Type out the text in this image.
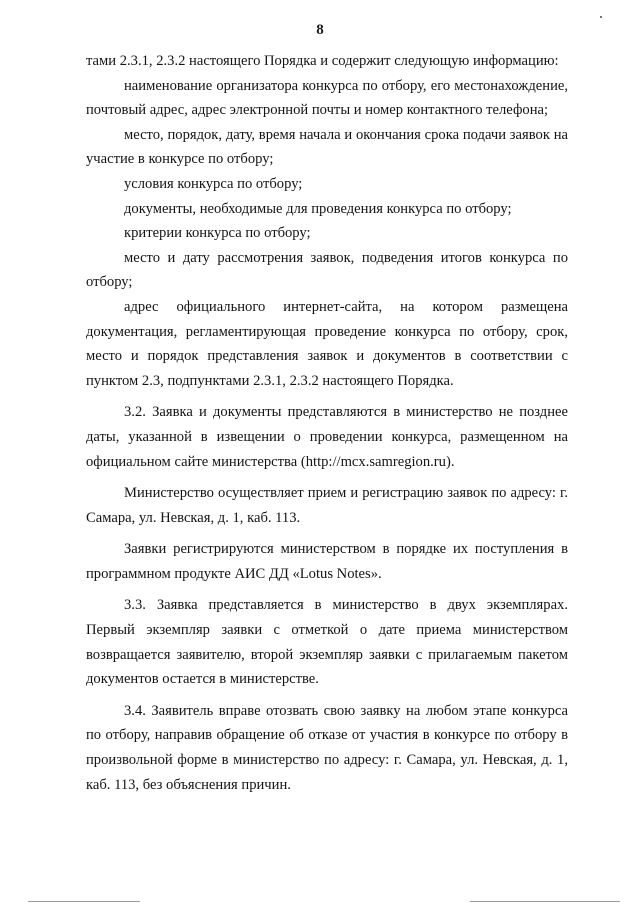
8

тами 2.3.1, 2.3.2 настоящего Порядка и содержит следующую информацию:

наименование организатора конкурса по отбору, его местонахождение, почтовый адрес, адрес электронной почты и номер контактного телефона;

место, порядок, дату, время начала и окончания срока подачи заявок на участие в конкурсе по отбору;

условия конкурса по отбору;

документы, необходимые для проведения конкурса по отбору;

критерии конкурса по отбору;

место и дату рассмотрения заявок, подведения итогов конкурса по отбору;

адрес официального интернет-сайта, на котором размещена документация, регламентирующая проведение конкурса по отбору, срок, место и порядок представления заявок и документов в соответствии с пунктом 2.3, подпунктами 2.3.1, 2.3.2 настоящего Порядка.

3.2. Заявка и документы представляются в министерство не позднее даты, указанной в извещении о проведении конкурса, размещенном на официальном сайте министерства (http://mcx.samregion.ru).

Министерство осуществляет прием и регистрацию заявок по адресу: г. Самара, ул. Невская, д. 1, каб. 113.

Заявки регистрируются министерством в порядке их поступления в программном продукте АИС ДД «Lotus Notes».

3.3. Заявка представляется в министерство в двух экземплярах. Первый экземпляр заявки с отметкой о дате приема министерством возвращается заявителю, второй экземпляр заявки с прилагаемым пакетом документов остается в министерстве.

3.4. Заявитель вправе отозвать свою заявку на любом этапе конкурса по отбору, направив обращение об отказе от участия в конкурсе по отбору в произвольной форме в министерство по адресу: г. Самара, ул. Невская, д. 1, каб. 113, без объяснения причин.
